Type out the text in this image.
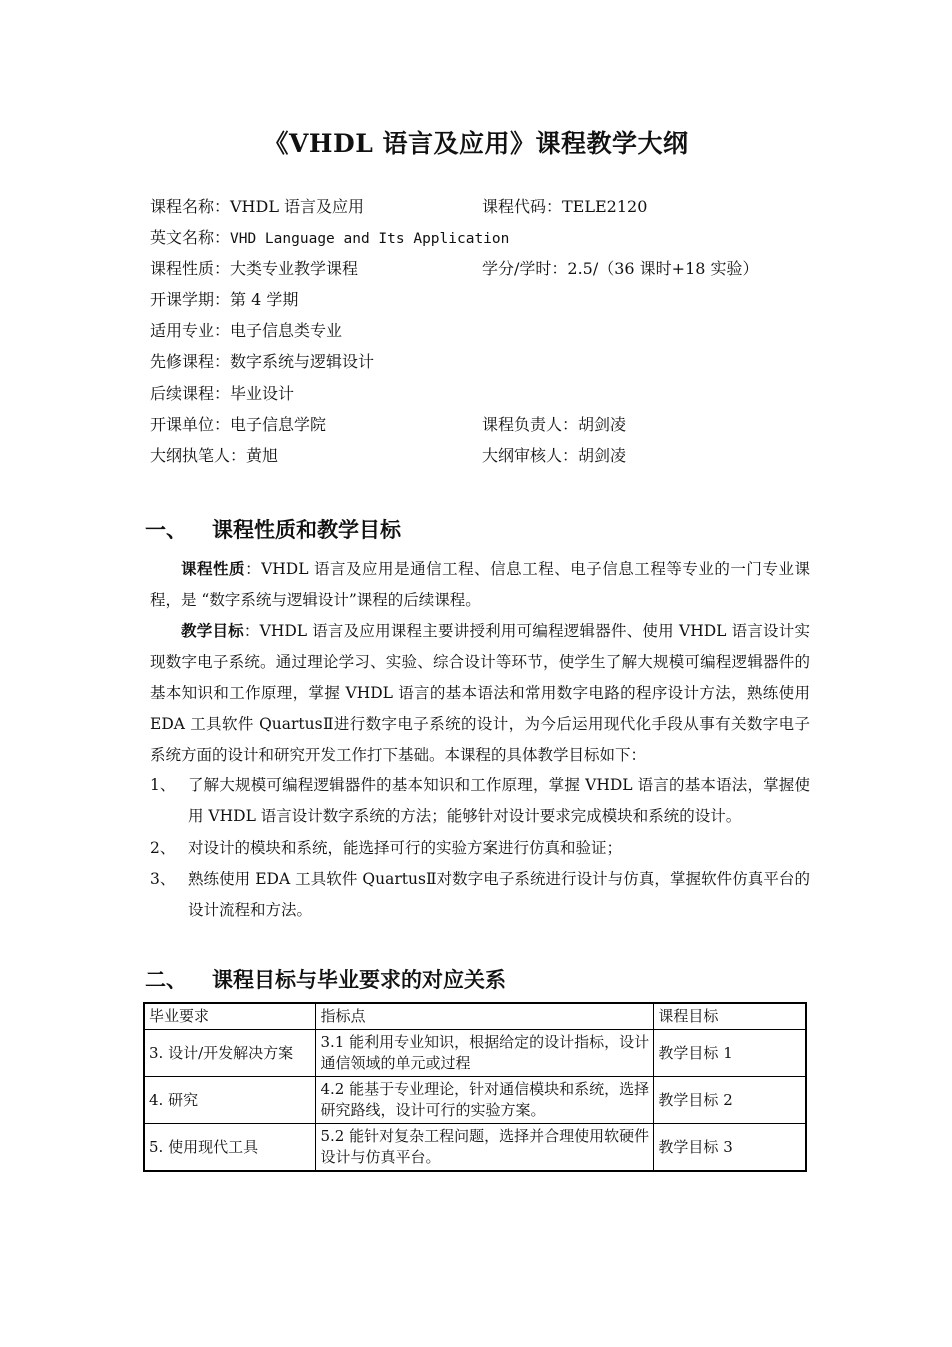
《VHDL 语言及应用》课程教学大纲
课程名称：VHDL 语言及应用	课程代码：TELE2120
英文名称：VHD Language and Its Application
课程性质：大类专业教学课程	学分/学时：2.5/（36 课时+18 实验）
开课学期：第 4 学期
适用专业：电子信息类专业
先修课程：数字系统与逻辑设计
后续课程：毕业设计
开课单位：电子信息学院	课程负责人：胡剑凌
大纲执笔人：黄旭	大纲审核人：胡剑凌
一、 课程性质和教学目标
课程性质：VHDL 语言及应用是通信工程、信息工程、电子信息工程等专业的一门专业课程，是 “数字系统与逻辑设计”课程的后续课程。
教学目标：VHDL 语言及应用课程主要讲授利用可编程逻辑器件、使用 VHDL 语言设计实现数字电子系统。通过理论学习、实验、综合设计等环节，使学生了解大规模可编程逻辑器件的基本知识和工作原理，掌握 VHDL 语言的基本语法和常用数字电路的程序设计方法，熟练使用 EDA 工具软件 QuartusⅡ进行数字电子系统的设计，为今后运用现代化手段从事有关数字电子系统方面的设计和研究开发工作打下基础。本课程的具体教学目标如下：
1、 了解大规模可编程逻辑器件的基本知识和工作原理，掌握 VHDL 语言的基本语法，掌握使用 VHDL 语言设计数字系统的方法；能够针对设计要求完成模块和系统的设计。
2、 对设计的模块和系统，能选择可行的实验方案进行仿真和验证；
3、 熟练使用 EDA 工具软件 QuartusⅡ对数字电子系统进行设计与仿真，掌握软件仿真平台的设计流程和方法。
二、 课程目标与毕业要求的对应关系
毕业要求	指标点	课程目标
3. 设计/开发解决方案	3.1 能利用专业知识，根据给定的设计指标，设计通信领域的单元或过程	教学目标 1
4. 研究	4.2 能基于专业理论，针对通信模块和系统，选择研究路线，设计可行的实验方案。	教学目标 2
5. 使用现代工具	5.2 能针对复杂工程问题，选择并合理使用软硬件设计与仿真平台。	教学目标 3
